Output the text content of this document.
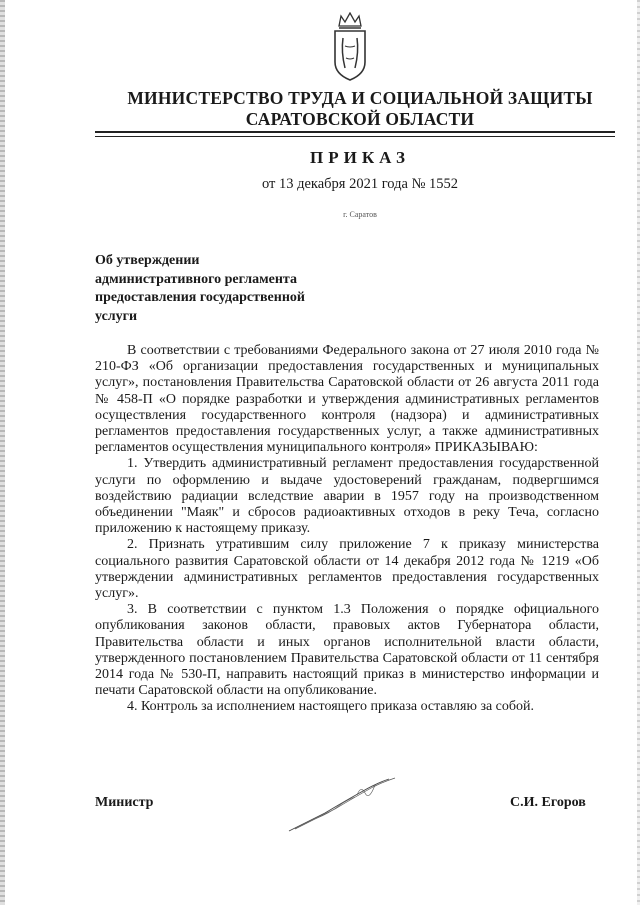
МИНИСТЕРСТВО ТРУДА И СОЦИАЛЬНОЙ ЗАЩИТЫ
САРАТОВСКОЙ ОБЛАСТИ
ПРИКАЗ
от 13 декабря 2021 года № 1552
г. Саратов
Об утверждении
административного регламента
предоставления государственной
услуги

В соответствии с требованиями Федерального закона от 27 июля 2010 года № 210-ФЗ «Об организации предоставления государственных и муниципальных услуг», постановления Правительства Саратовской области от 26 августа 2011 года № 458-П «О порядке разработки и утверждения административных регламентов осуществления государственного контроля (надзора) и административных регламентов предоставления государственных услуг, а также административных регламентов осуществления муниципального контроля» ПРИКАЗЫВАЮ:

1. Утвердить административный регламент предоставления государственной услуги по оформлению и выдаче удостоверений гражданам, подвергшимся воздействию радиации вследствие аварии в 1957 году на производственном объединении "Маяк" и сбросов радиоактивных отходов в реку Теча, согласно приложению к настоящему приказу.

2. Признать утратившим силу приложение 7 к приказу министерства социального развития Саратовской области от 14 декабря 2012 года № 1219 «Об утверждении административных регламентов предоставления государственных услуг».

3. В соответствии с пунктом 1.3 Положения о порядке официального опубликования законов области, правовых актов Губернатора области, Правительства области и иных органов исполнительной власти области, утвержденного постановлением Правительства Саратовской области от 11 сентября 2014 года № 530-П, направить настоящий приказ в министерство информации и печати Саратовской области на опубликование.

4. Контроль за исполнением настоящего приказа оставляю за собой.

Министр	С.И. Егоров
